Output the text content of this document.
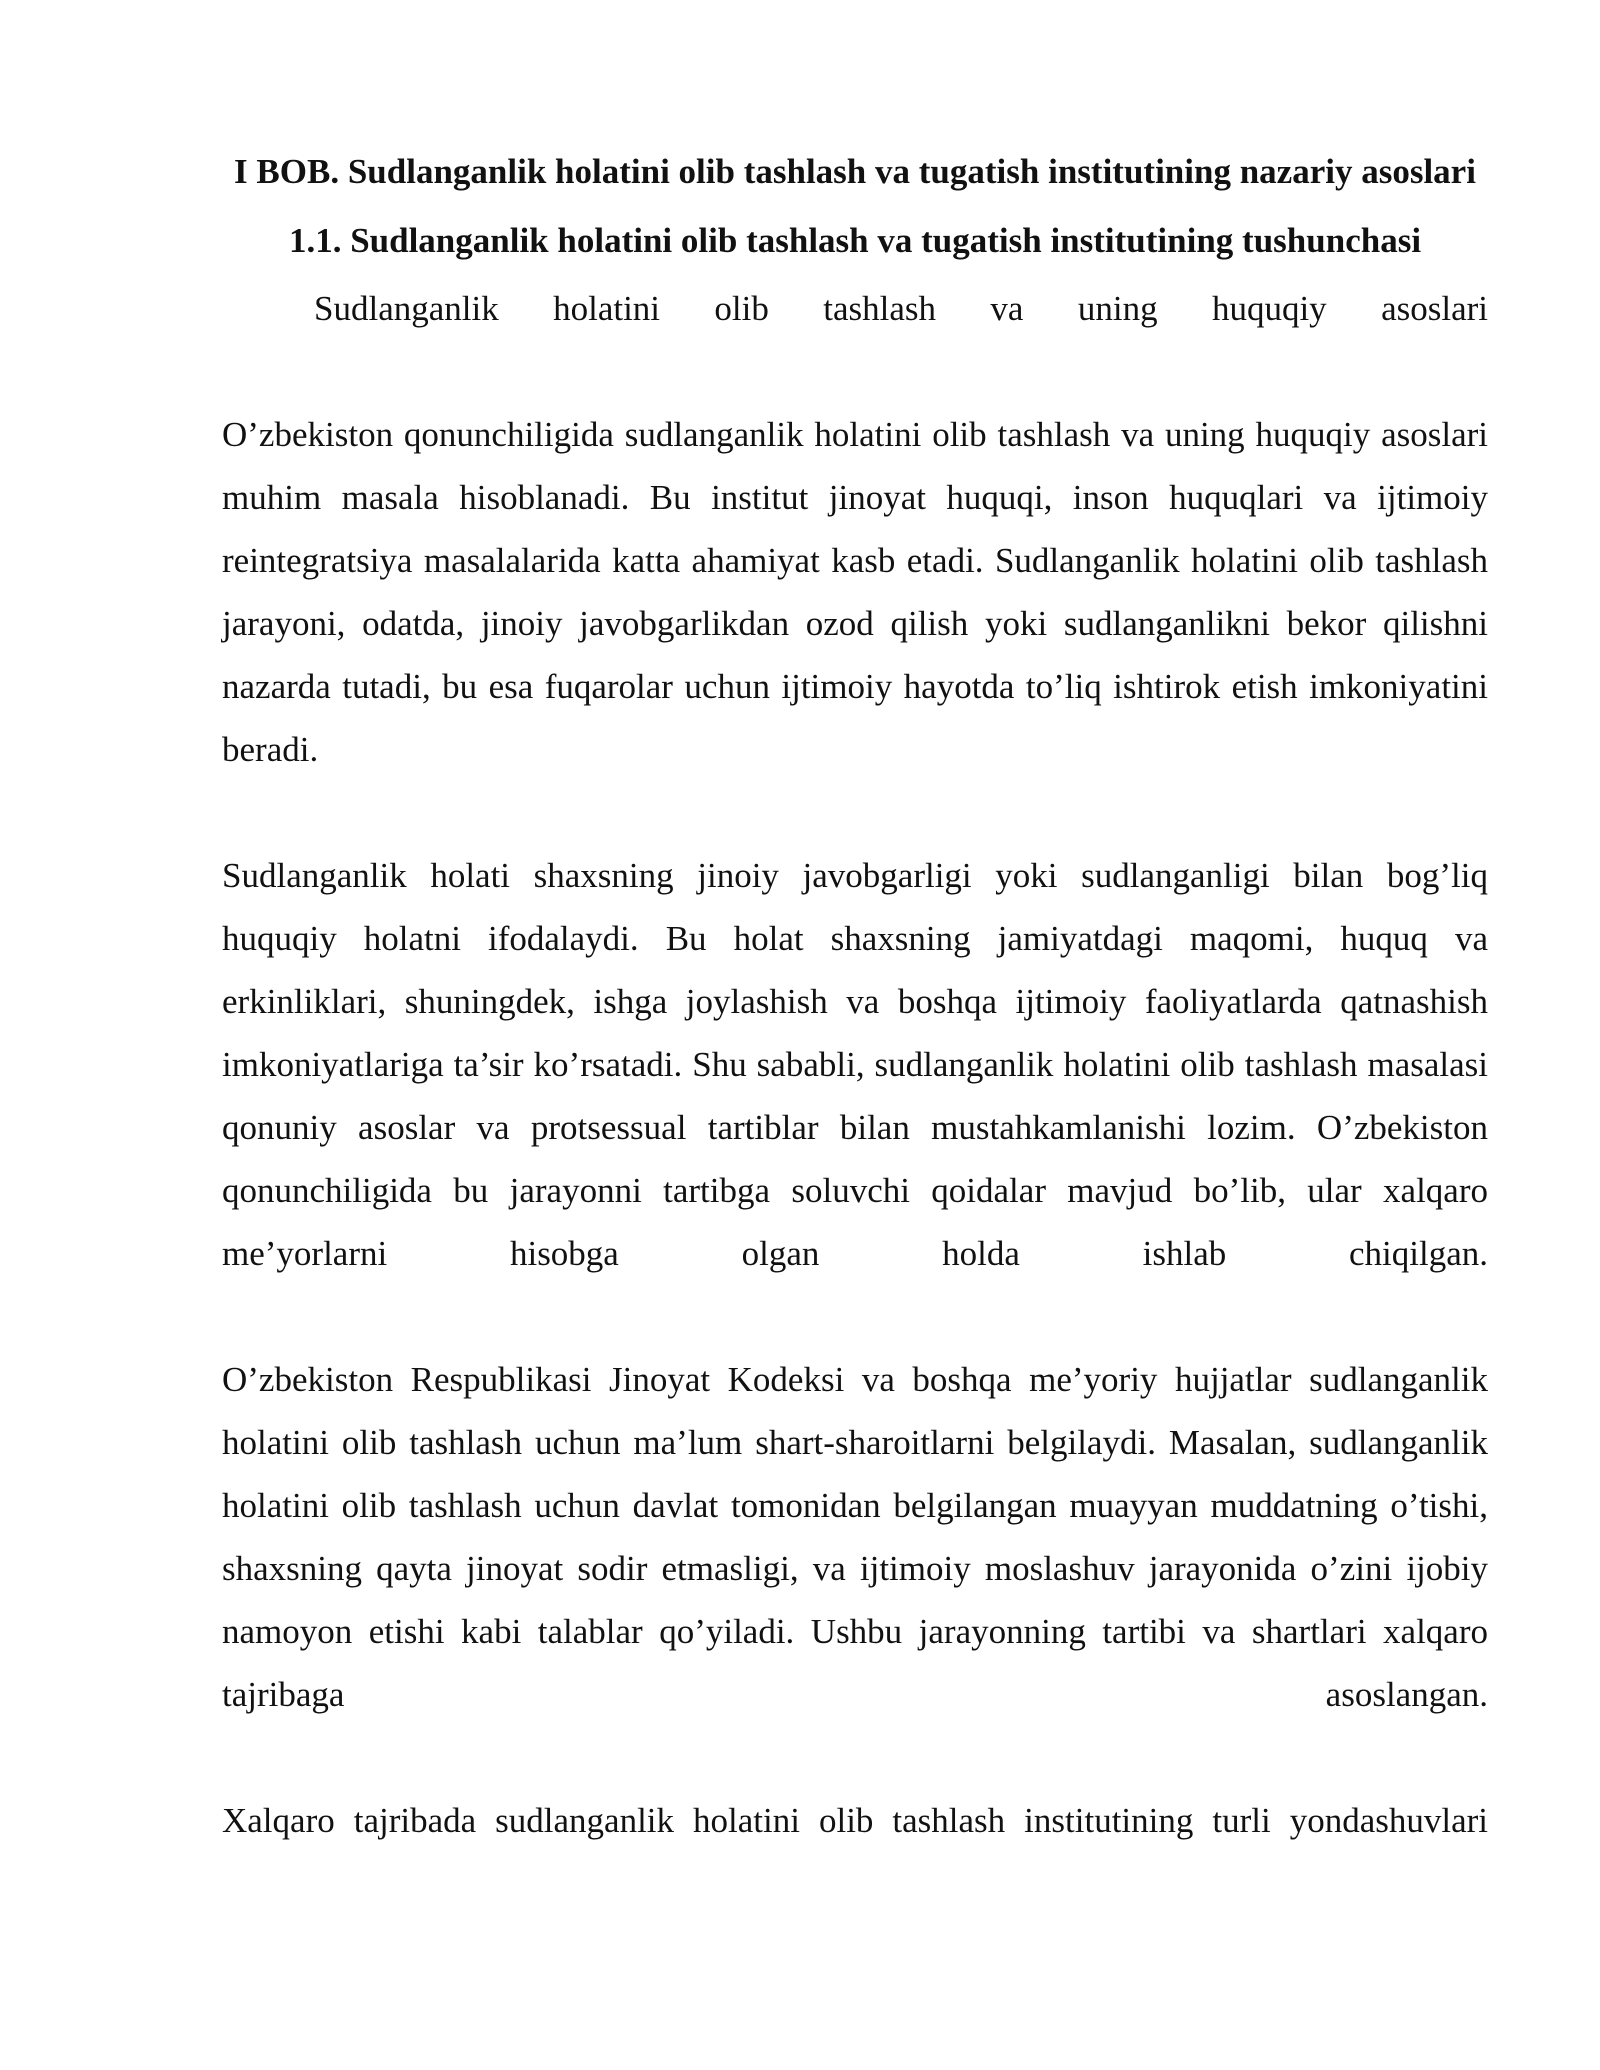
I BOB. Sudlanganlik holatini olib tashlash va tugatish institutining nazariy asoslari
1.1. Sudlanganlik holatini olib tashlash va tugatish institutining tushunchasi

Sudlanganlik holatini olib tashlash va uning huquqiy asoslari

O’zbekiston qonunchiligida sudlanganlik holatini olib tashlash va uning huquqiy asoslari muhim masala hisoblanadi. Bu institut jinoyat huquqi, inson huquqlari va ijtimoiy reintegratsiya masalalarida katta ahamiyat kasb etadi. Sudlanganlik holatini olib tashlash jarayoni, odatda, jinoiy javobgarlikdan ozod qilish yoki sudlanganlikni bekor qilishni nazarda tutadi, bu esa fuqarolar uchun ijtimoiy hayotda to’liq ishtirok etish imkoniyatini beradi.

Sudlanganlik holati shaxsning jinoiy javobgarligi yoki sudlanganligi bilan bog’liq huquqiy holatni ifodalaydi. Bu holat shaxsning jamiyatdagi maqomi, huquq va erkinliklari, shuningdek, ishga joylashish va boshqa ijtimoiy faoliyatlarda qatnashish imkoniyatlariga ta’sir ko’rsatadi. Shu sababli, sudlanganlik holatini olib tashlash masalasi qonuniy asoslar va protsessual tartiblar bilan mustahkamlanishi lozim. O’zbekiston qonunchiligida bu jarayonni tartibga soluvchi qoidalar mavjud bo’lib, ular xalqaro me’yorlarni hisobga olgan holda ishlab chiqilgan.

O’zbekiston Respublikasi Jinoyat Kodeksi va boshqa me’yoriy hujjatlar sudlanganlik holatini olib tashlash uchun ma’lum shart-sharoitlarni belgilaydi. Masalan, sudlanganlik holatini olib tashlash uchun davlat tomonidan belgilangan muayyan muddatning o’tishi, shaxsning qayta jinoyat sodir etmasligi, va ijtimoiy moslashuv jarayonida o’zini ijobiy namoyon etishi kabi talablar qo’yiladi. Ushbu jarayonning tartibi va shartlari xalqaro tajribaga asoslangan.

Xalqaro tajribada sudlanganlik holatini olib tashlash institutining turli yondashuvlari
